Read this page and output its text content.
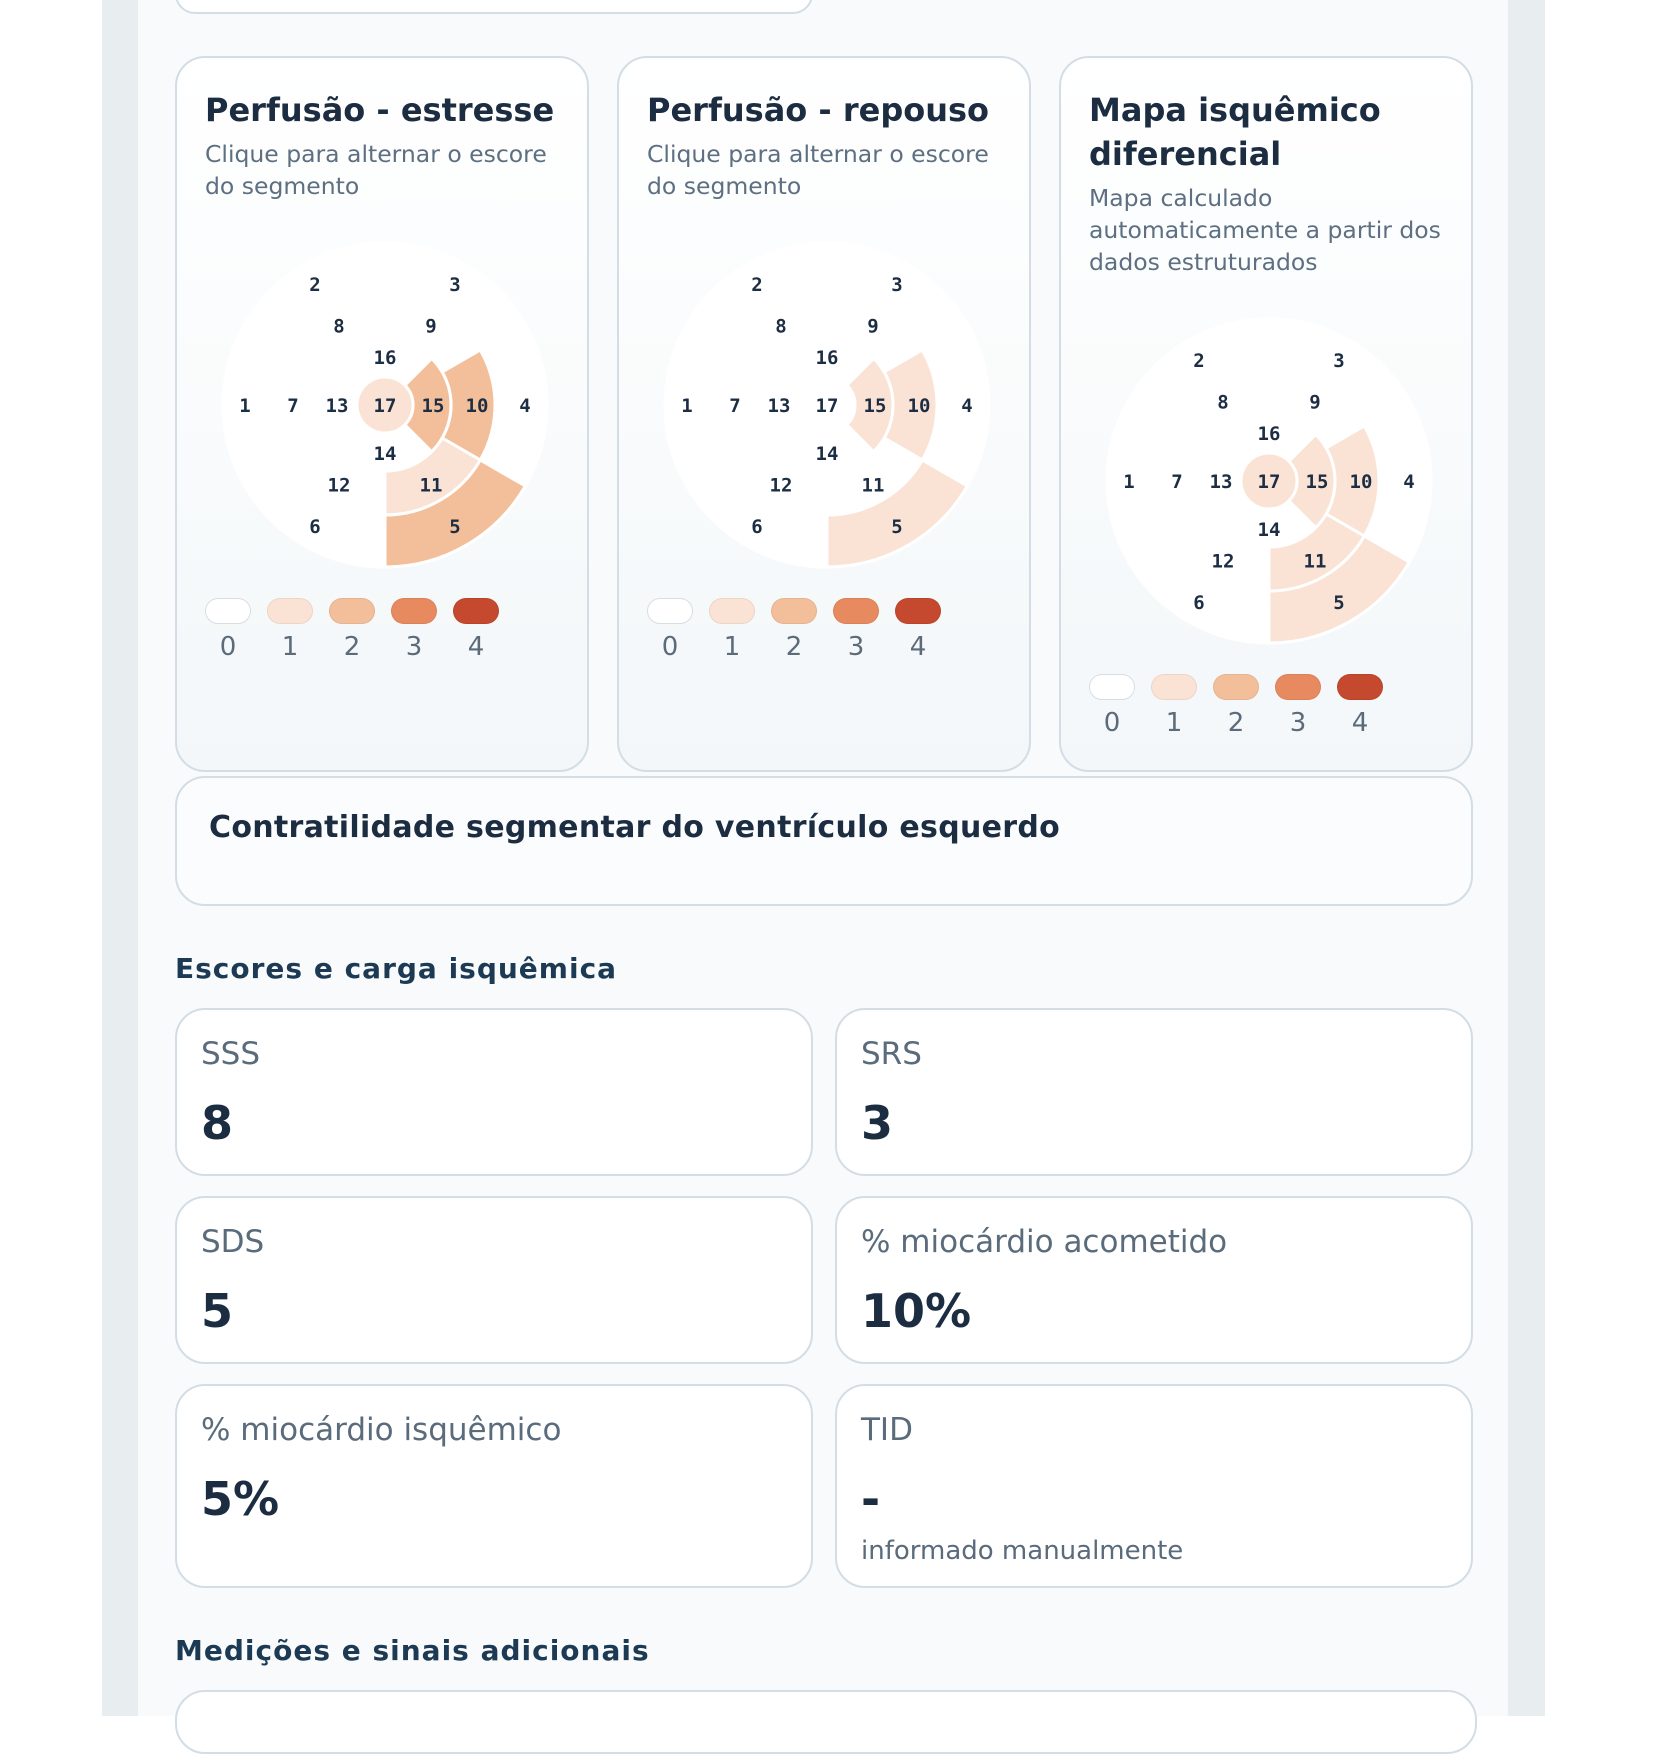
Perfusão - estresse
Clique para alternar o escore do segmento
1 7
2
8
3
9
4
10
5
11
6
12
13
14
15
16
17
0	1	2	3	4
Perfusão - repouso
Clique para alternar o escore do segmento
1 7
2
8
3
9
4
10
5
11
6
12
13
14
15
16
17
0	1	2	3	4
Mapa isquêmico diferencial
Mapa calculado automaticamente a partir dos dados estruturados
1 7
2
8
3
9
4
10
5
11
6
12
13
14
15
16
17
0	1	2	3	4
Contratilidade segmentar do ventrículo esquerdo
Escores e carga isquêmica
SSS
8
SRS
3
SDS
5
% miocárdio acometido
10%
% miocárdio isquêmico
5%
TID
-
informado manualmente
Medições e sinais adicionais
